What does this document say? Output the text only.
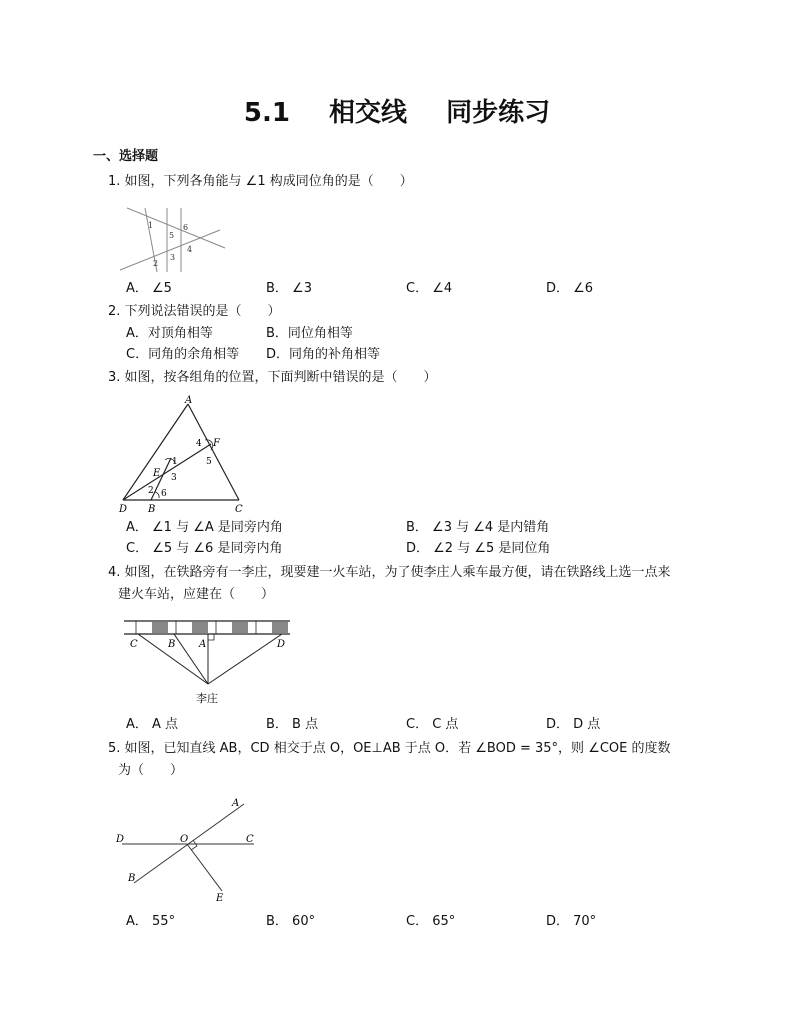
5.1 相交线 同步练习
一、选择题
1. 如图，下列各角能与 ∠1 构成同位角的是（　　）
1
2
3
4
5
6
A． ∠5	B． ∠3	C． ∠4	D． ∠6
2. 下列说法错误的是（　　）
A．对顶角相等	B．同位角相等
C．同角的余角相等 D．同角的补角相等
3. 如图，按各组角的位置，下面判断中错误的是（　　）
A
F
4
5
1
E 3
2 6
D B	C
A． ∠1 与 ∠A 是同旁内角	B． ∠3 与 ∠4 是内错角
C． ∠5 与 ∠6 是同旁内角	D． ∠2 与 ∠5 是同位角
4. 如图，在铁路旁有一李庄，现要建一火车站，为了使李庄人乘车最方便，请在铁路线上选一点来
建火车站，应建在（　　）
C	B A	D
李庄
A． A 点	B． B 点	C． C 点	D． D 点
5. 如图，已知直线 AB，CD 相交于点 O，OE⊥AB 于点 O．若 ∠BOD = 35°，则 ∠COE 的度数
为（　　）
A
D	O	C
B
E
A． 55°	B． 60°	C． 65°	D． 70°
